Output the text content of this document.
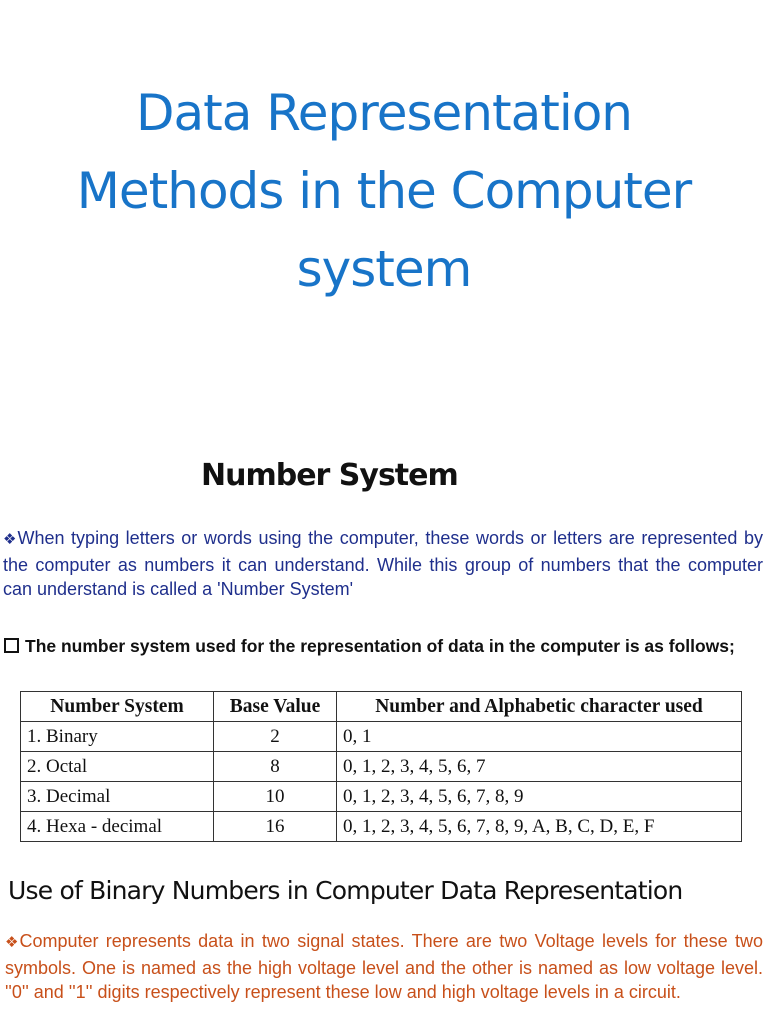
Data Representation
Methods in the Computer
system
Number System
❖When typing letters or words using the computer, these words or letters are represented by the computer as numbers it can understand. While this group of numbers that the computer can understand is called a 'Number System'
The number system used for the representation of data in the computer is as follows;
Number System	Base Value	Number and Alphabetic character used
1. Binary	2	0, 1
2. Octal	8	0, 1, 2, 3, 4, 5, 6, 7
3. Decimal	10	0, 1, 2, 3, 4, 5, 6, 7, 8, 9
4. Hexa - decimal	16	0, 1, 2, 3, 4, 5, 6, 7, 8, 9, A, B, C, D, E, F
Use of Binary Numbers in Computer Data Representation
❖Computer represents data in two signal states. There are two Voltage levels for these two symbols. One is named as the high voltage level and the other is named as low voltage level. ''0'' and ''1'' digits respectively represent these low and high voltage levels in a circuit.
